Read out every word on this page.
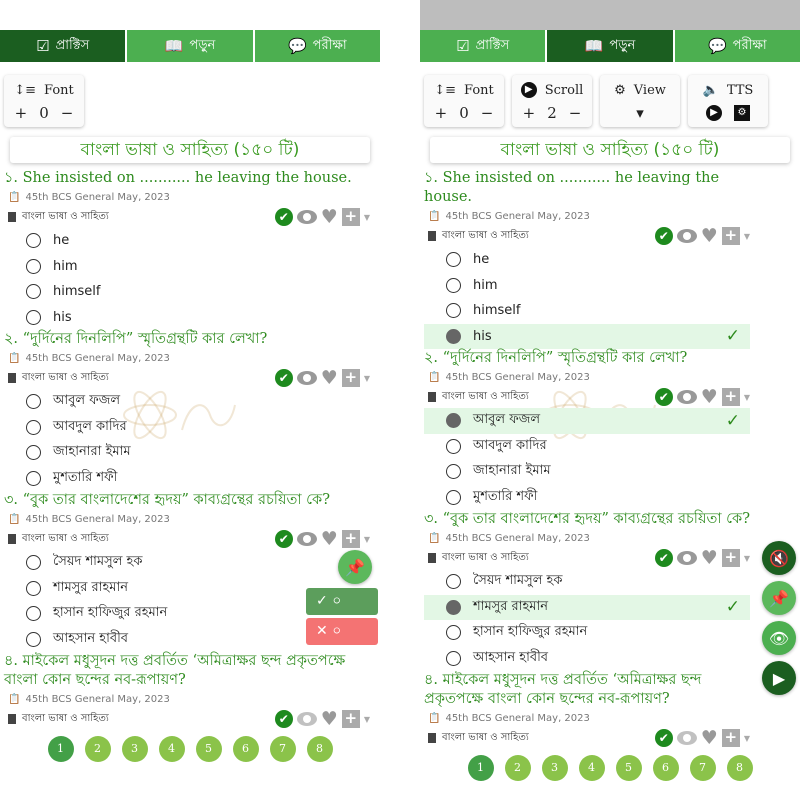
☑ প্রাক্টিস	📖 পড়ুন	💬 পরীক্ষা
↕≡ Font
+ 0 −
বাংলা ভাষা ও সাহিত্য (১৫০ টি)
১. She insisted on ........... he leaving the house.
📋 45th BCS General May, 2023
বাংলা ভাষা ও সাহিত্য	✔ ♥ + ▼
he
him
himself
his
২. “দুর্দিনের দিনলিপি” স্মৃতিগ্রন্থটি কার লেখা?
📋 45th BCS General May, 2023
বাংলা ভাষা ও সাহিত্য	✔ ♥ + ▼
আবুল ফজল
আবদুল কাদির
জাহানারা ইমাম
মুশতারি শফী
৩. “বুক তার বাংলাদেশের হৃদয়” কাব্যগ্রন্থের রচয়িতা কে?
📋 45th BCS General May, 2023
বাংলা ভাষা ও সাহিত্য	✔ ♥ + ▼
সৈয়দ শামসুল হক
শামসুর রাহমান
হাসান হাফিজুর রহমান
আহসান হাবীব
৪. মাইকেল মধুসূদন দত্ত প্রবর্তিত ‘অমিত্রাক্ষর ছন্দ প্রকৃতপক্ষে বাংলা কোন ছন্দের নব-রূপায়ণ?
📋 45th BCS General May, 2023
বাংলা ভাষা ও সাহিত্য	✔ ♥ + ▼
1	2	3	4	5	6	7	8
📌
✓ ০
✕ ০
☑ প্রাক্টিস	📖 পড়ুন	💬 পরীক্ষা
↕≡ Font
+ 0 −
▶ Scroll
+ 2 −
⚙ View
▾
🔈 TTS
▶	⚙
বাংলা ভাষা ও সাহিত্য (১৫০ টি)
১. She insisted on ........... he leaving the house.
📋 45th BCS General May, 2023
বাংলা ভাষা ও সাহিত্য	✔ ♥ + ▼
he
him
himself
his	✓
২. “দুর্দিনের দিনলিপি” স্মৃতিগ্রন্থটি কার লেখা?
📋 45th BCS General May, 2023
বাংলা ভাষা ও সাহিত্য	✔ ♥ + ▼
আবুল ফজল	✓
আবদুল কাদির
জাহানারা ইমাম
মুশতারি শফী
৩. “বুক তার বাংলাদেশের হৃদয়” কাব্যগ্রন্থের রচয়িতা কে?
📋 45th BCS General May, 2023
বাংলা ভাষা ও সাহিত্য	✔ ♥ + ▼
সৈয়দ শামসুল হক
শামসুর রাহমান	✓
হাসান হাফিজুর রহমান
আহসান হাবীব
৪. মাইকেল মধুসূদন দত্ত প্রবর্তিত ‘অমিত্রাক্ষর ছন্দ প্রকৃতপক্ষে বাংলা কোন ছন্দের নব-রূপায়ণ?
📋 45th BCS General May, 2023
বাংলা ভাষা ও সাহিত্য	✔ ♥ + ▼
1	2	3	4	5	6	7	8
🔇
📌
👁
▶
